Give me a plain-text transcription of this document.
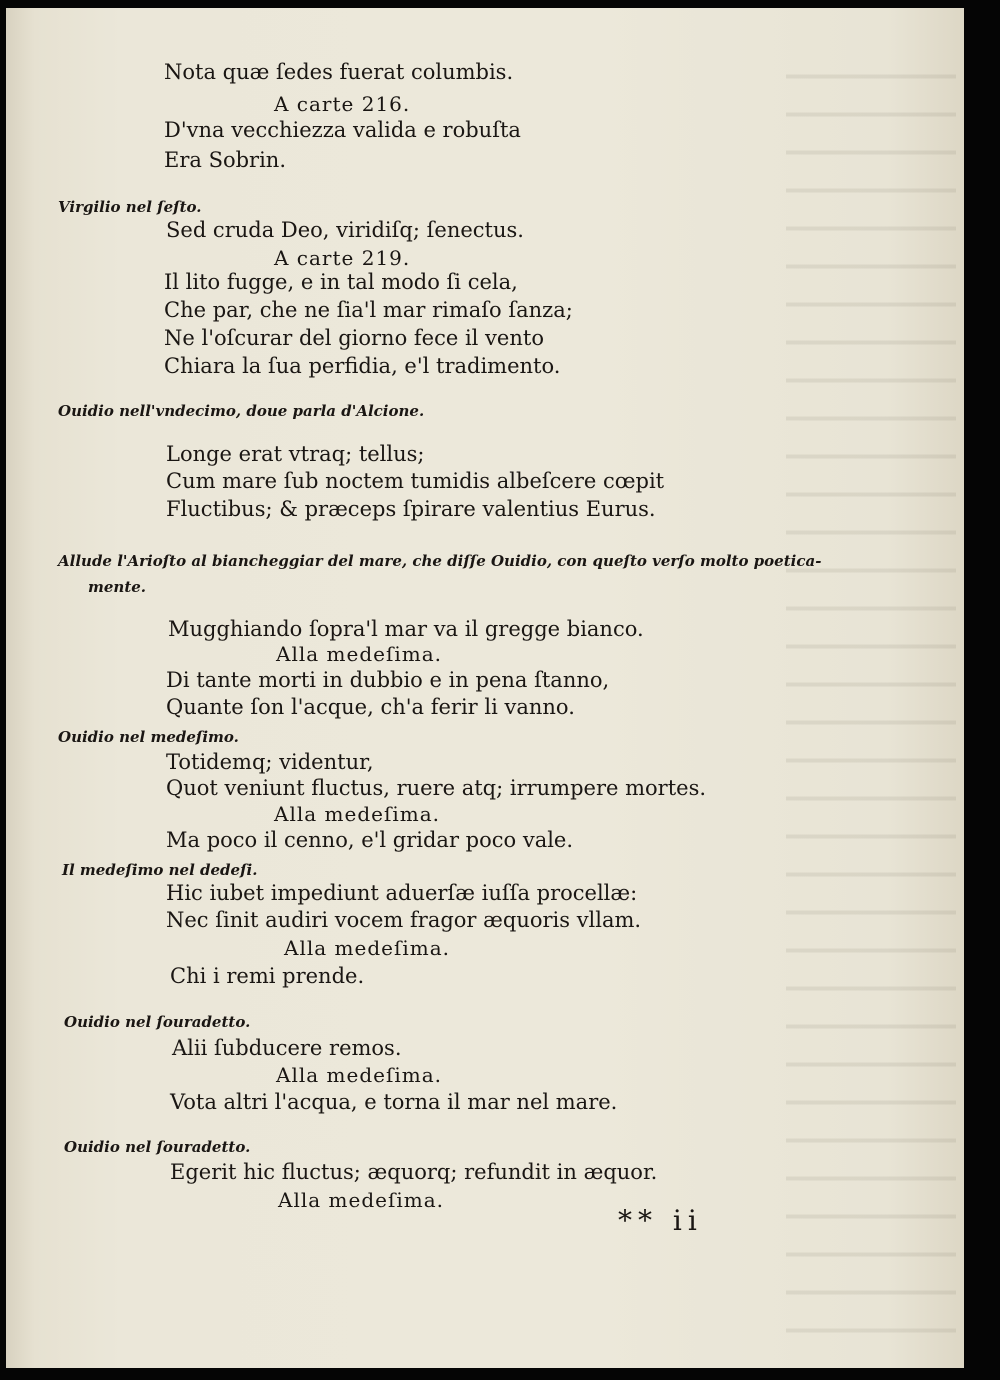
Nota quæ ſedes fuerat columbis.
A carte 216.
D'vna vecchiezza valida e robuſta
Era Sobrin.
Virgilio nel ſeſto.
Sed cruda Deo, viridiſq; ſenectus.
A carte 219.
Il lito fugge, e in tal modo ſi cela,
Che par, che ne ſia'l mar rimaſo ſanza;
Ne l'oſcurar del giorno fece il vento
Chiara la ſua perfidia, e'l tradimento.
Ouidio nell'vndecimo, doue parla d'Alcione.
Longe erat vtraq; tellus;
Cum mare ſub noctem tumidis albeſcere cœpit
Fluctibus; & præceps ſpirare valentius Eurus.
Allude l'Arioſto al biancheggiar del mare, che diſſe Ouidio, con queſto verſo molto poetica-
mente.
Mugghiando ſopra'l mar va il gregge bianco.
Alla medeſima.
Di tante morti in dubbio e in pena ſtanno,
Quante ſon l'acque, ch'a ferir li vanno.
Ouidio nel medeſimo.
Totidemq; videntur,
Quot veniunt fluctus, ruere atq; irrumpere mortes.
Alla medeſima.
Ma poco il cenno, e'l gridar poco vale.
Il medeſimo nel dedeſi.
Hic iubet impediunt aduerſæ iuſſa procellæ:
Nec ſinit audiri vocem fragor æquoris vllam.
Alla medeſima.
Chi i remi prende.
Ouidio nel ſouradetto.
Alii ſubducere remos.
Alla medeſima.
Vota altri l'acqua, e torna il mar nel mare.
Ouidio nel ſouradetto.
Egerit hic fluctus; æquorq; refundit in æquor.
Alla medeſima.
** ii
